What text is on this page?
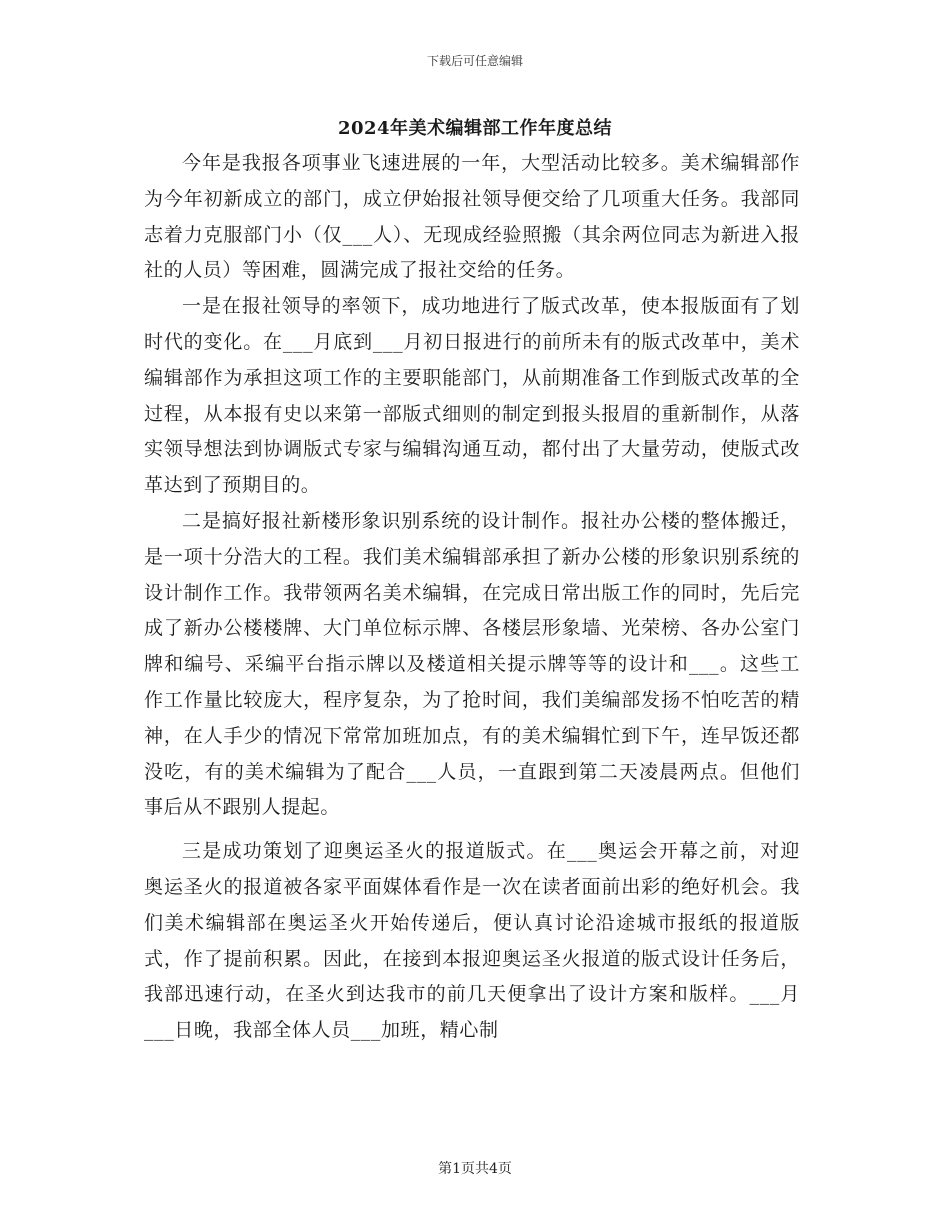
下载后可任意编辑
2024年美术编辑部工作年度总结

今年是我报各项事业飞速进展的一年，大型活动比较多。美术编辑部作为今年初新成立的部门，成立伊始报社领导便交给了几项重大任务。我部同志着力克服部门小（仅___人）、无现成经验照搬（其余两位同志为新进入报社的人员）等困难，圆满完成了报社交给的任务。

一是在报社领导的率领下，成功地进行了版式改革，使本报版面有了划时代的变化。在___月底到___月初日报进行的前所未有的版式改革中，美术编辑部作为承担这项工作的主要职能部门，从前期准备工作到版式改革的全过程，从本报有史以来第一部版式细则的制定到报头报眉的重新制作，从落实领导想法到协调版式专家与编辑沟通互动，都付出了大量劳动，使版式改革达到了预期目的。

二是搞好报社新楼形象识别系统的设计制作。报社办公楼的整体搬迁，是一项十分浩大的工程。我们美术编辑部承担了新办公楼的形象识别系统的设计制作工作。我带领两名美术编辑，在完成日常出版工作的同时，先后完成了新办公楼楼牌、大门单位标示牌、各楼层形象墙、光荣榜、各办公室门牌和编号、采编平台指示牌以及楼道相关提示牌等等的设计和___。这些工作工作量比较庞大，程序复杂，为了抢时间，我们美编部发扬不怕吃苦的精神，在人手少的情况下常常加班加点，有的美术编辑忙到下午，连早饭还都没吃，有的美术编辑为了配合___人员，一直跟到第二天凌晨两点。但他们事后从不跟别人提起。

三是成功策划了迎奥运圣火的报道版式。在___奥运会开幕之前，对迎奥运圣火的报道被各家平面媒体看作是一次在读者面前出彩的绝好机会。我们美术编辑部在奥运圣火开始传递后，便认真讨论沿途城市报纸的报道版式，作了提前积累。因此，在接到本报迎奥运圣火报道的版式设计任务后，我部迅速行动，在圣火到达我市的前几天便拿出了设计方案和版样。___月___日晚，我部全体人员___加班，精心制

第1页共4页
